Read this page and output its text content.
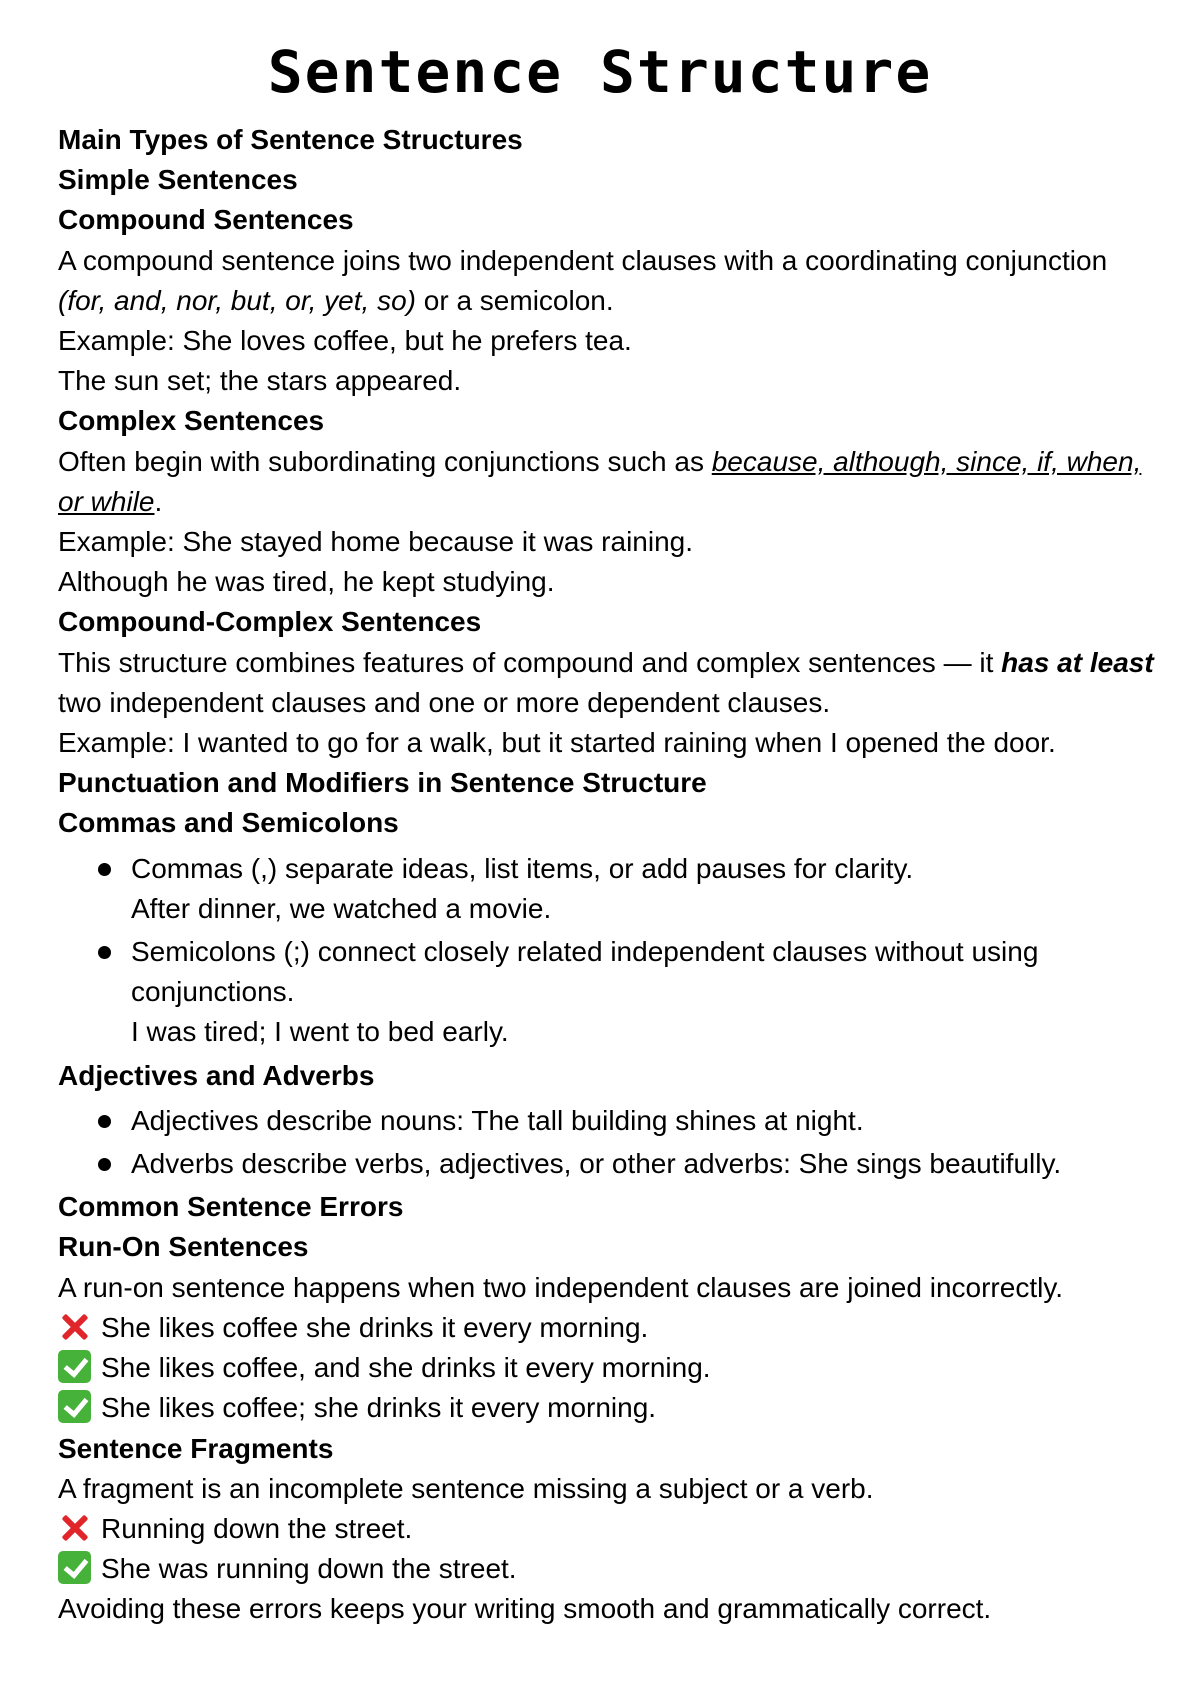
Sentence Structure

Main Types of Sentence Structures

Simple Sentences

Compound Sentences

A compound sentence joins two independent clauses with a coordinating conjunction (for, and, nor, but, or, yet, so) or a semicolon.

Example: She loves coffee, but he prefers tea.

The sun set; the stars appeared.

Complex Sentences

Often begin with subordinating conjunctions such as because, although, since, if, when, or while.

Example: She stayed home because it was raining.

Although he was tired, he kept studying.

Compound-Complex Sentences

This structure combines features of compound and complex sentences — it has at least two independent clauses and one or more dependent clauses.

Example: I wanted to go for a walk, but it started raining when I opened the door.

Punctuation and Modifiers in Sentence Structure

Commas and Semicolons

Commas (,) separate ideas, list items, or add pauses for clarity.
After dinner, we watched a movie.
Semicolons (;) connect closely related independent clauses without using conjunctions.
I was tired; I went to bed early.

Adjectives and Adverbs

Adjectives describe nouns: The tall building shines at night.
Adverbs describe verbs, adjectives, or other adverbs: She sings beautifully.

Common Sentence Errors

Run-On Sentences

A run-on sentence happens when two independent clauses are joined incorrectly.

She likes coffee she drinks it every morning.

She likes coffee, and she drinks it every morning.

She likes coffee; she drinks it every morning.

Sentence Fragments

A fragment is an incomplete sentence missing a subject or a verb.

Running down the street.

She was running down the street.

Avoiding these errors keeps your writing smooth and grammatically correct.
